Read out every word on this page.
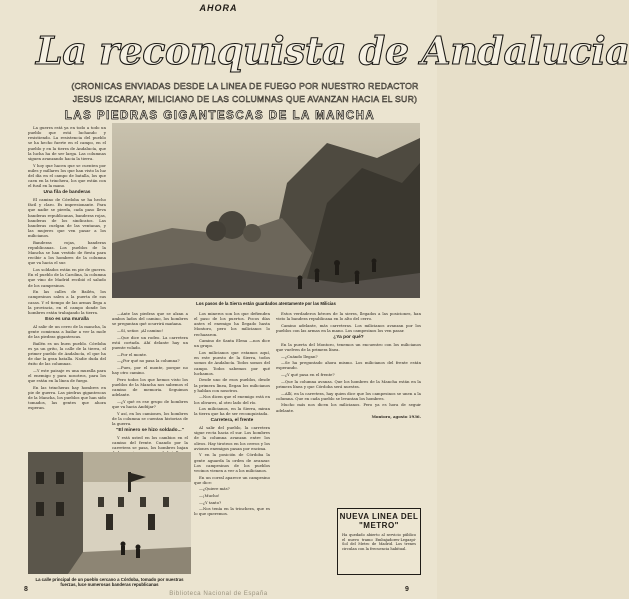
AHORA
La reconquista de Andalucia
(CRONICAS ENVIADAS DESDE LA LINEA DE FUEGO POR NUESTRO REDACTOR
JESUS IZCARAY, MILICIANO DE LAS COLUMNAS QUE AVANZAN HACIA EL SUR)
LAS PIEDRAS GIGANTESCAS DE LA MANCHA
Los pasos de la Sierra están guardados atentamente por las Milicias

La guerra está ya en todo a todo un pueblo que está luchando y resistiendo. La resistencia del pueblo se ha hecho fuerte en el campo, en el pueblo y en la tierra de Andalucía, que la lucha ha de ser larga. Las columnas siguen avanzando hacia la tierra.

Y hoy que hacen que se cuenten por miles y millares los que han visto la luz del día en el campo de batalla, los que caen en la trinchera, los que están con el fusil en la mano.

Una fila de banderas

El camino de Córdoba se ha hecho fácil y claro. Es impresionante. Para que nadie se pierda, cada paso lleva banderas republicanas, banderas rojas, banderas de los sindicatos. Las banderas cuelgan de las ventanas, y las mujeres que ven pasar a los milicianos.

Banderas rojas, banderas republicanas. Los pueblos de la Mancha se han vestido de fiesta para recibir a los hombres de la columna que va hacia el sur.

Los soldados están en pie de guerra. En el pueblo de la Carolina, la columna que vino de Madrid recibió el saludo de los campesinos.

En las calles de Bailén, los campesinos salen a la puerta de sus casas. Y el tiempo de las armas llega a la provincia, en el campo donde los hombres están trabajando la tierra.

Eso es una muralla

Al salir de un cerro de la mancha, la gente comienza a bailar a ver la mole de las piedras gigantescas.

Bailén es un buen pueblo. Córdoba es ya un grito, la calle de la tierra, el primer pueblo de Andalucía, el que ha de dar la gran batalla. Nadie duda del éxito de las columnas.

—Y este paisaje es una muralla para el enemigo y para nosotros, para los que están en la línea de fuego.

En las trincheras hay hombres en pie de guerra. Las piedras gigantescas de la Mancha, los pueblos que han sido tomados, las gentes que ahora esperan.

—Ante las piedras que se alzan a ambos lados del camino, los hombres se preguntan qué ocurrirá mañana.

—Sí, señor. ¡Al camino!

—Que dice un rodeo. La carretera está cortada. Ahí delante hay un puente volado.

—Por el monte.

—¿Por qué no pasa la columna?

—Pues, por el monte, porque no hay otro camino.

Pero todos los que hemos visto los pueblos de la Mancha nos sabemos el camino de memoria. Seguimos adelante.

—¿Y qué es ese grupo de hombres que va hacia Andújar?

Y así, en los camiones, los hombres de la columna se cuentan historias de la guerra.

"El minero se hizo soldado..."

Y está usted en los cambios en el camino del frente. Cuando por la carretera se pasa, los hombres bajan

Los mineros son los que defienden el paso de los puertos. Pocos días antes el enemigo ha llegado hasta Montoro, pero los milicianos lo rechazaron.

Camino de Santa Elena —nos dice un grupo.

Los milicianos que estamos aquí, en este puesto de la Sierra, todos somos de Andalucía. Todos somos del campo. Todos sabemos por qué luchamos.

Desde uno de esos pueblos, desde la primera línea, llegan los milicianos y hablan con nosotros.

—Nos dicen que el enemigo está en los olivares, al otro lado del río.

Los milicianos, en la Sierra, miran la tierra que ha de ser reconquistada.

Carretera, el frente

Al salir del pueblo, la carretera sigue recta hacia el sur. Los hombres de la columna avanzan entre los olivos. Hay tiroteos en los cerros y los aviones enemigos pasan por encima.

Y en la posición de Córdoba la gente aguarda la orden de avanzar. Los campesinos de los pueblos vecinos vienen a ver a los milicianos.

En un corral aparece un campesino que dice:

—¿Quiere más?

—¡Mucho!

—¿Y tanto?

—Nos tenía en la trinchera, que es lo que queremos.

Estos verdaderos héroes de la sierra, llegados a las posiciones, han visto la bandera republicana en lo alto del cerro.

Camino adelante, más carreteras. Los milicianos avanzan por los pueblos con las armas en la mano. Los campesinos los ven pasar.

¿Ya por qué?

En la puerta del Montoro, tenemos un encuentro con los milicianos que vuelven de la primera línea.

—¿Cuándo llegan?

—Se ha preguntado ahora mismo. Los milicianos del frente están esperando.

—¿Y qué pasa en el frente?

—Que la columna avanza. Que los hombres de la Mancha están en la primera línea y que Córdoba será nuestra.

—Allí, en la carretera, hay quien dice que los campesinos se unen a la columna. Que en cada pueblo se levantan los hombres.

Mucho más nos dicen los milicianos. Pero ya es hora de seguir adelante.

Montoro, agosto 1936.

La calle principal de un pueblo cercano a Córdoba, tomado por nuestras fuerzas, luce numerosas banderas republicanas
NUEVA LINEA DEL "METRO"
Ha quedado abierto al servicio público el nuevo tramo Embajadores-Legazpi-Sol del Metro de Madrid. Los trenes circulan con la frecuencia habitual.
8	9
Biblioteca Nacional de España
